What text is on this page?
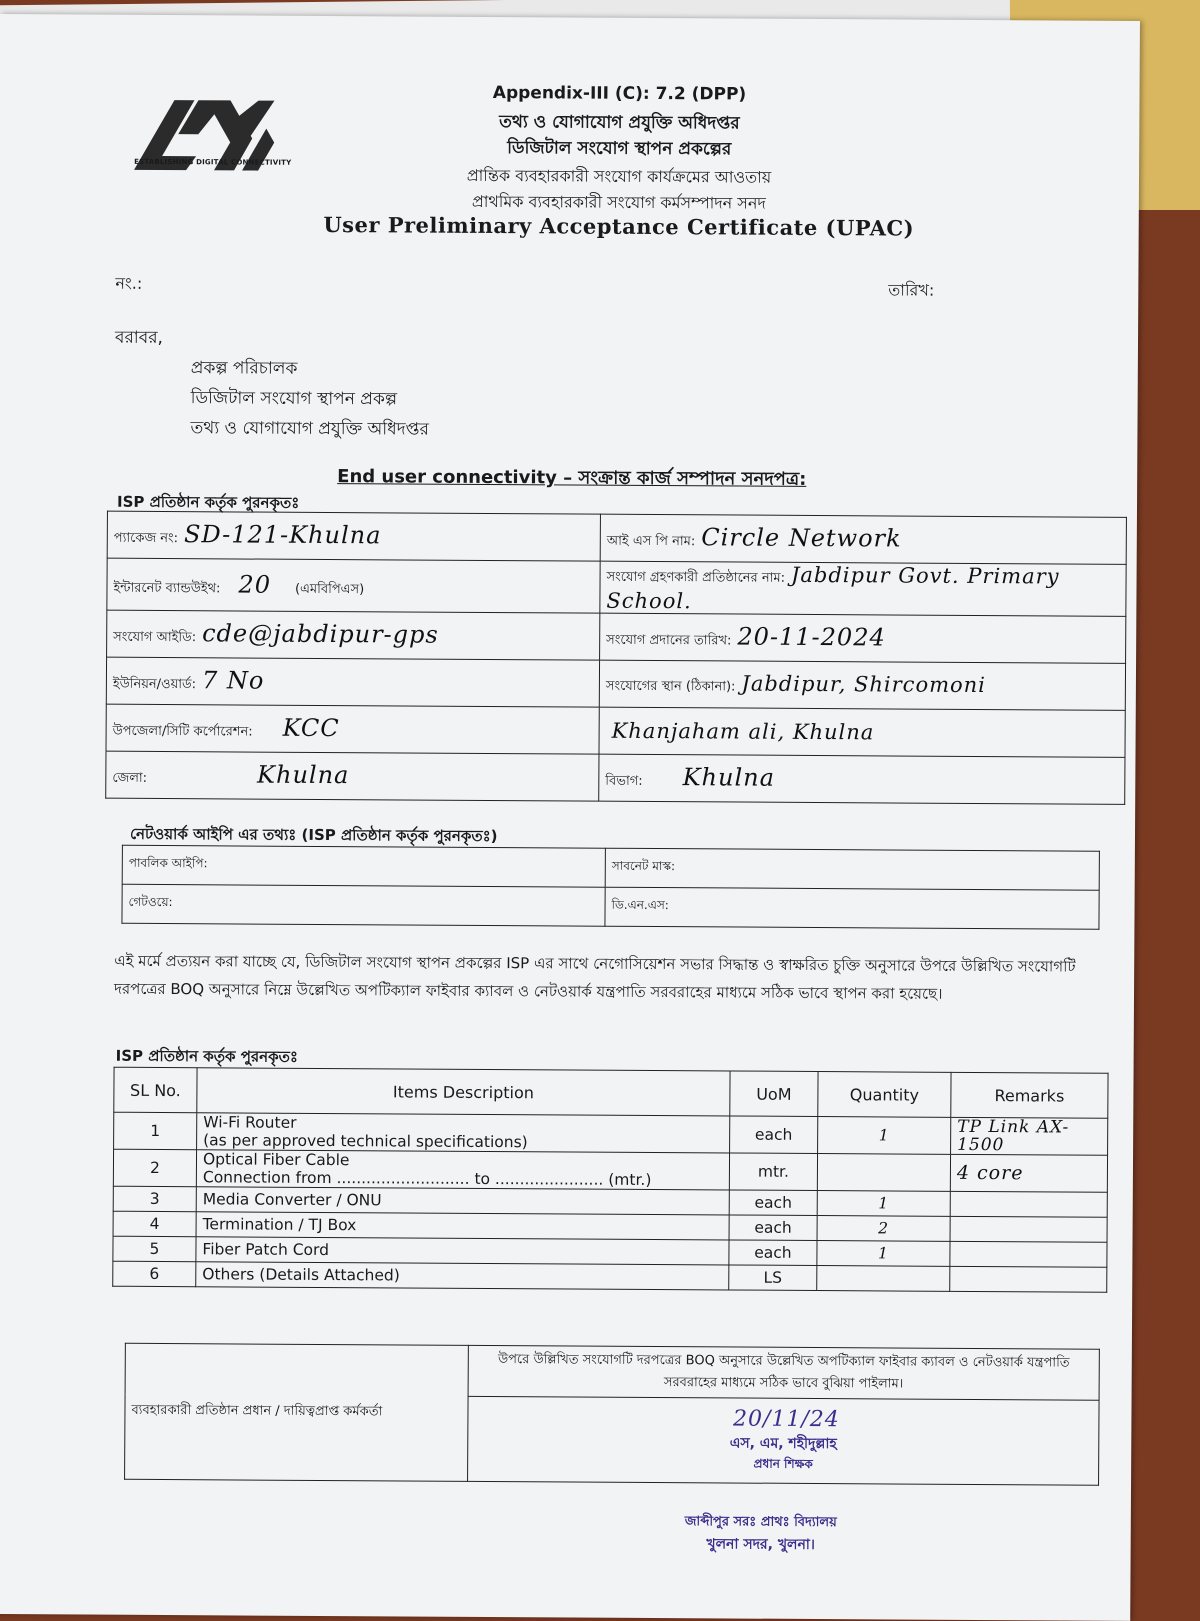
ESTABLISHING DIGITAL CONNECTIVITY
Appendix-III (C): 7.2 (DPP)
তথ্য ও যোগাযোগ প্রযুক্তি অধিদপ্তর
ডিজিটাল সংযোগ স্থাপন প্রকল্পের
প্রান্তিক ব্যবহারকারী সংযোগ কার্যক্রমের আওতায়
প্রাথমিক ব্যবহারকারী সংযোগ কর্মসম্পাদন সনদ
User Preliminary Acceptance Certificate (UPAC)
নং.:	তারিখ:
বরাবর,
প্রকল্প পরিচালক
ডিজিটাল সংযোগ স্থাপন প্রকল্প
তথ্য ও যোগাযোগ প্রযুক্তি অধিদপ্তর
End user connectivity – সংক্রান্ত কার্জ সম্পাদন সনদপত্র:
ISP প্রতিষ্ঠান কর্তৃক পুরনকৃতঃ
প্যাকেজ নং: SD-121-Khulna	আই এস পি নাম: Circle Network
ইন্টারনেট ব্যান্ডউইথ: 20 (এমবিপিএস)	সংযোগ গ্রহণকারী প্রতিষ্ঠানের নাম: Jabdipur Govt. Primary School.
সংযোগ আইডি: cde@jabdipur-gps	সংযোগ প্রদানের তারিখ: 20-11-2024
ইউনিয়ন/ওয়ার্ড: 7 No	সংযোগের স্থান (ঠিকানা): Jabdipur, Shircomoni
উপজেলা/সিটি কর্পোরেশন: KCC	Khanjaham ali, Khulna
জেলা: Khulna	বিভাগ: Khulna
নেটওয়ার্ক আইপি এর তথ্যঃ (ISP প্রতিষ্ঠান কর্তৃক পুরনকৃতঃ)
পাবলিক আইপি:	সাবনেট মাস্ক:
গেটওয়ে:	ডি.এন.এস:
এই মর্মে প্রত্যয়ন করা যাচ্ছে যে, ডিজিটাল সংযোগ স্থাপন প্রকল্পের ISP এর সাথে নেগোসিয়েশন সভার সিদ্ধান্ত ও স্বাক্ষরিত চুক্তি অনুসারে উপরে উল্লিখিত সংযোগটি দরপত্রের BOQ অনুসারে নিম্নে উল্লেখিত অপটিক্যাল ফাইবার ক্যাবল ও নেটওয়ার্ক যন্ত্রপাতি সরবরাহের মাধ্যমে সঠিক ভাবে স্থাপন করা হয়েছে।
ISP প্রতিষ্ঠান কর্তৃক পুরনকৃতঃ
SL No.	Items Description	UoM	Quantity	Remarks
1	Wi-Fi Router
(as per approved technical specifications)	each	1	TP Link AX-1500
2	Optical Fiber Cable
Connection from ........................... to ...................... (mtr.)	mtr.		4 core
3	Media Converter / ONU	each	1	
4	Termination / TJ Box	each	2	
5	Fiber Patch Cord	each	1	
6	Others (Details Attached)	LS		
ব্যবহারকারী প্রতিষ্ঠান প্রধান / দায়িত্বপ্রাপ্ত কর্মকর্তা	উপরে উল্লিখিত সংযোগটি দরপত্রের BOQ অনুসারে উল্লেখিত অপটিক্যাল ফাইবার ক্যাবল ও নেটওয়ার্ক যন্ত্রপাতি সরবরাহের মাধ্যমে সঠিক ভাবে বুঝিয়া পাইলাম।

20/11/24
এস, এম, শহীদুল্লাহ
প্রধান শিক্ষক
জাব্দীপুর সরঃ প্রাথঃ বিদ্যালয়
খুলনা সদর, খুলনা।
